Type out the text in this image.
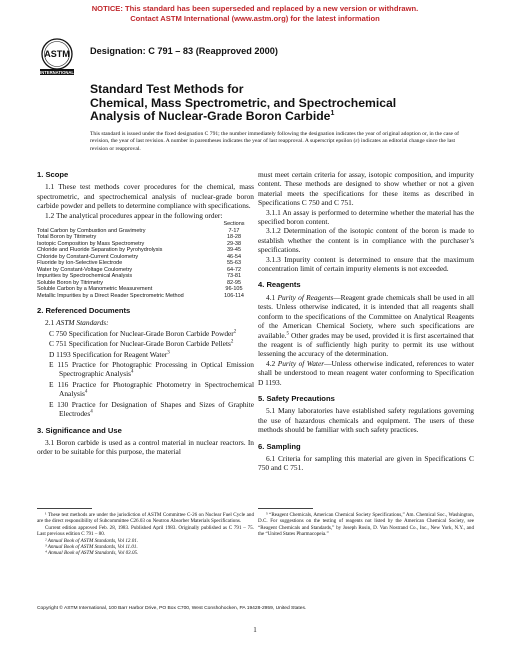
NOTICE: This standard has been superseded and replaced by a new version or withdrawn.
Contact ASTM International (www.astm.org) for the latest information
ASTM
INTERNATIONAL
Designation: C 791 – 83 (Reapproved 2000)
Standard Test Methods for
Chemical, Mass Spectrometric, and Spectrochemical
Analysis of Nuclear-Grade Boron Carbide$^1$
This standard is issued under the fixed designation C 791; the number immediately following the designation indicates the year of original adoption or, in the case of revision, the year of last revision. A number in parentheses indicates the year of last reapproval. A superscript epsilon (ε) indicates an editorial change since the last revision or reapproval.
1. Scope

1.1 These test methods cover procedures for the chemical, mass spectrometric, and spectrochemical analysis of nuclear-grade boron carbide powder and pellets to determine compliance with specifications.

1.2 The analytical procedures appear in the following order:

	Sections
Total Carbon by Combustion and Gravimetry	7-17
Total Boron by Titrimetry	18-28
Isotopic Composition by Mass Spectrometry	29-38
Chloride and Fluoride Separation by Pyrohydrolysis	39-45
Chloride by Constant-Current Coulometry	46-54
Fluoride by Ion-Selective Electrode	55-63
Water by Constant-Voltage Coulometry	64-72
Impurities by Spectrochemical Analysis	73-81
Soluble Boron by Titrimetry	82-95
Soluble Carbon by a Manometric Measurement	96-105
Metallic Impurities by a Direct Reader Spectrometric Method	106-114
2. Referenced Documents

2.1 ASTM Standards:

C 750 Specification for Nuclear-Grade Boron Carbide Powder$^2$
C 751 Specification for Nuclear-Grade Boron Carbide Pellets$^2$
D 1193 Specification for Reagent Water$^3$
E 115 Practice for Photographic Processing in Optical Emission Spectrographic Analysis$^4$
E 116 Practice for Photographic Photometry in Spectrochemical Analysis$^4$
E 130 Practice for Designation of Shapes and Sizes of Graphite Electrodes$^4$
3. Significance and Use

3.1 Boron carbide is used as a control material in nuclear reactors. In order to be suitable for this purpose, the material

must meet certain criteria for assay, isotopic composition, and impurity content. These methods are designed to show whether or not a given material meets the specifications for these items as described in Specifications C 750 and C 751.

3.1.1 An assay is performed to determine whether the material has the specified boron content.

3.1.2 Determination of the isotopic content of the boron is made to establish whether the content is in compliance with the purchaser’s specifications.

3.1.3 Impurity content is determined to ensure that the maximum concentration limit of certain impurity elements is not exceeded.

4. Reagents

4.1 Purity of Reagents—Reagent grade chemicals shall be used in all tests. Unless otherwise indicated, it is intended that all reagents shall conform to the specifications of the Committee on Analytical Reagents of the American Chemical Society, where such specifications are available.$^5$ Other grades may be used, provided it is first ascertained that the reagent is of sufficiently high purity to permit its use without lessening the accuracy of the determination.

4.2 Purity of Water—Unless otherwise indicated, references to water shall be understood to mean reagent water conforming to Specification D 1193.

5. Safety Precautions

5.1 Many laboratories have established safety regulations governing the use of hazardous chemicals and equipment. The users of these methods should be familiar with such safety practices.

6. Sampling

6.1 Criteria for sampling this material are given in Specifications C 750 and C 751.

¹ These test methods are under the jurisdiction of ASTM Committee C-26 on Nuclear Fuel Cycle and are the direct responsibility of Subcommittee C26.03 on Neutron Absorber Materials Specifications.

Current edition approved Feb. 28, 1983. Published April 1983. Originally published as C 791 – 75. Last previous edition C 791 – 80.

² Annual Book of ASTM Standards, Vol 12.01.

³ Annual Book of ASTM Standards, Vol 11.01.

⁴ Annual Book of ASTM Standards, Vol 03.05.

⁵ “Reagent Chemicals, American Chemical Society Specifications,” Am. Chemical Soc., Washington, D.C. For suggestions on the testing of reagents not listed by the American Chemical Society, see “Reagent Chemicals and Standards,” by Joseph Rosin, D. Van Nostrand Co., Inc., New York, N.Y., and the “United States Pharmacopeia.”

Copyright © ASTM International, 100 Barr Harbor Drive, PO Box C700, West Conshohocken, PA 19428-2959, United States.
1
